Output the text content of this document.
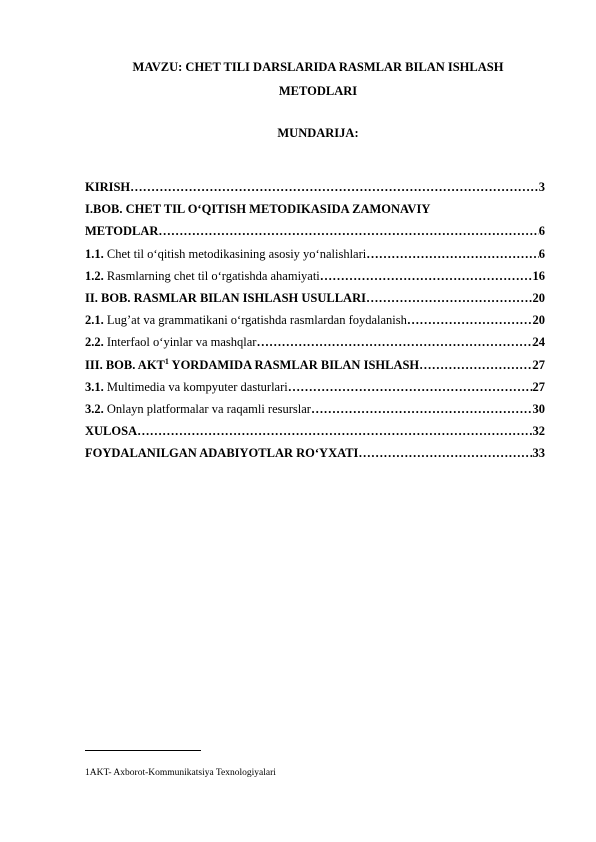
MAVZU: CHET TILI DARSLARIDA RASMLAR BILAN ISHLASH
METODLARI
MUNDARIJA:
KIRISH …………………………………………………………………………………………………………………………………………………………………………	3
I.BOB. CHET TIL O‘QITISH METODIKASIDA ZAMONAVIY
METODLAR …………………………………………………………………………………………………………………………………………………………………………	6
1.1. Chet til o‘qitish metodikasining asosiy yo‘nalishlari …………………………………………………………………………………………………………………………………………………………………………	6
1.2. Rasmlarning chet til o‘rgatishda ahamiyati …………………………………………………………………………………………………………………………………………………………………………	16
II. BOB. RASMLAR BILAN ISHLASH USULLARI …………………………………………………………………………………………………………………………………………………………………………	20
2.1. Lug’at va grammatikani o‘rgatishda rasmlardan foydalanish …………………………………………………………………………………………………………………………………………………………………………	20
2.2. Interfaol o‘yinlar va mashqlar …………………………………………………………………………………………………………………………………………………………………………	24
III. BOB. AKT$^1$ YORDAMIDA RASMLAR BILAN ISHLASH …………………………………………………………………………………………………………………………………………………………………………	27
3.1. Multimedia va kompyuter dasturlari …………………………………………………………………………………………………………………………………………………………………………	27
3.2. Onlayn platformalar va raqamli resurslar …………………………………………………………………………………………………………………………………………………………………………	30
XULOSA …………………………………………………………………………………………………………………………………………………………………………	32
FOYDALANILGAN ADABIYOTLAR RO‘YXATI …………………………………………………………………………………………………………………………………………………………………………	33
1AKT- Axborot-Kommunikatsiya Texnologiyalari
